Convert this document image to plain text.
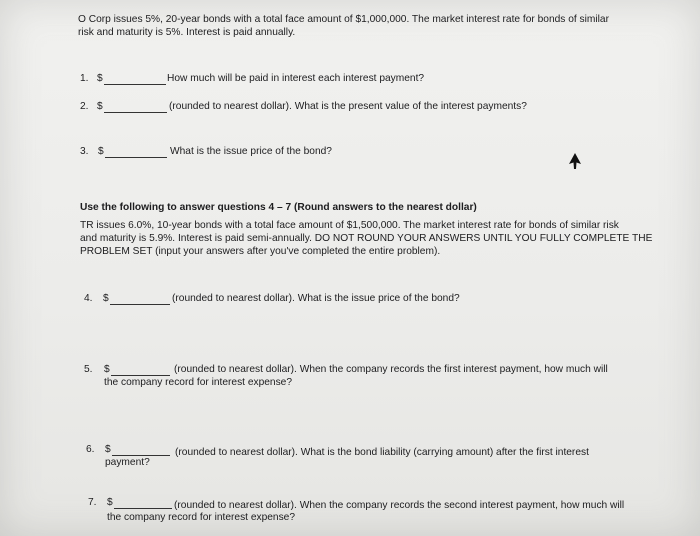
O Corp issues 5%, 20-year bonds with a total face amount of $1,000,000. The market interest rate for bonds of similar
risk and maturity is 5%. Interest is paid annually.
1. $	How much will be paid in interest each interest payment?
2. $	(rounded to nearest dollar). What is the present value of the interest payments?
3. $	What is the issue price of the bond?
Use the following to answer questions 4 – 7 (Round answers to the nearest dollar)
TR issues 6.0%, 10-year bonds with a total face amount of $1,500,000. The market interest rate for bonds of similar risk
and maturity is 5.9%. Interest is paid semi-annually. DO NOT ROUND YOUR ANSWERS UNTIL YOU FULLY COMPLETE THE
PROBLEM SET (input your answers after you've completed the entire problem).
4. $	(rounded to nearest dollar). What is the issue price of the bond?
5. $	(rounded to nearest dollar). When the company records the first interest payment, how much will
the company record for interest expense?
6. $	(rounded to nearest dollar). What is the bond liability (carrying amount) after the first interest
payment?
7. $	(rounded to nearest dollar). When the company records the second interest payment, how much will
the company record for interest expense?
